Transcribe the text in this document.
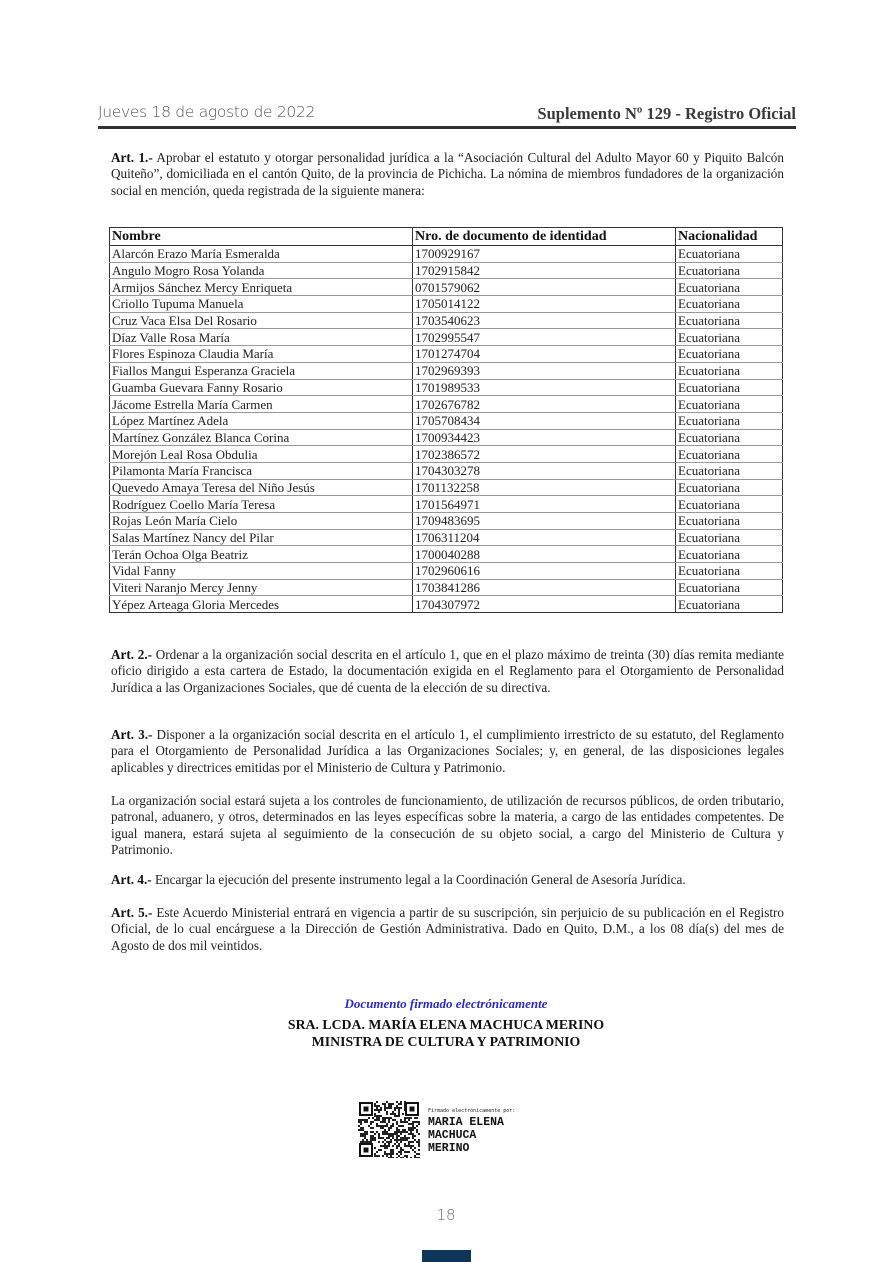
Jueves 18 de agosto de 2022	Suplemento Nº 129 - Registro Oficial
Art. 1.- Aprobar el estatuto y otorgar personalidad jurídica a la “Asociación Cultural del Adulto Mayor 60 y Piquito Balcón Quiteño”, domiciliada en el cantón Quito, de la provincia de Pichicha. La nómina de miembros fundadores de la organización social en mención, queda registrada de la siguiente manera:
Nombre	Nro. de documento de identidad	Nacionalidad
Alarcón Erazo María Esmeralda	1700929167	Ecuatoriana
Angulo Mogro Rosa Yolanda	1702915842	Ecuatoriana
Armijos Sánchez Mercy Enriqueta	0701579062	Ecuatoriana
Criollo Tupuma Manuela	1705014122	Ecuatoriana
Cruz Vaca Elsa Del Rosario	1703540623	Ecuatoriana
Díaz Valle Rosa María	1702995547	Ecuatoriana
Flores Espinoza Claudia María	1701274704	Ecuatoriana
Fiallos Mangui Esperanza Graciela	1702969393	Ecuatoriana
Guamba Guevara Fanny Rosario	1701989533	Ecuatoriana
Jácome Estrella María Carmen	1702676782	Ecuatoriana
López Martínez Adela	1705708434	Ecuatoriana
Martínez González Blanca Corina	1700934423	Ecuatoriana
Morejón Leal Rosa Obdulia	1702386572	Ecuatoriana
Pilamonta María Francisca	1704303278	Ecuatoriana
Quevedo Amaya Teresa del Niño Jesús	1701132258	Ecuatoriana
Rodríguez Coello María Teresa	1701564971	Ecuatoriana
Rojas León María Cielo	1709483695	Ecuatoriana
Salas Martínez Nancy del Pilar	1706311204	Ecuatoriana
Terán Ochoa Olga Beatriz	1700040288	Ecuatoriana
Vidal Fanny	1702960616	Ecuatoriana
Viteri Naranjo Mercy Jenny	1703841286	Ecuatoriana
Yépez Arteaga Gloria Mercedes	1704307972	Ecuatoriana
Art. 2.- Ordenar a la organización social descrita en el artículo 1, que en el plazo máximo de treinta (30) días remita mediante oficio dirigido a esta cartera de Estado, la documentación exigida en el Reglamento para el Otorgamiento de Personalidad Jurídica a las Organizaciones Sociales, que dé cuenta de la elección de su directiva.
Art. 3.- Disponer a la organización social descrita en el artículo 1, el cumplimiento irrestricto de su estatuto, del Reglamento para el Otorgamiento de Personalidad Jurídica a las Organizaciones Sociales; y, en general, de las disposiciones legales aplicables y directrices emitidas por el Ministerio de Cultura y Patrimonio.
La organización social estará sujeta a los controles de funcionamiento, de utilización de recursos públicos, de orden tributario, patronal, aduanero, y otros, determinados en las leyes específicas sobre la materia, a cargo de las entidades competentes. De igual manera, estará sujeta al seguimiento de la consecución de su objeto social, a cargo del Ministerio de Cultura y Patrimonio.
Art. 4.- Encargar la ejecución del presente instrumento legal a la Coordinación General de Asesoría Jurídica.
Art. 5.- Este Acuerdo Ministerial entrará en vigencia a partir de su suscripción, sin perjuicio de su publicación en el Registro Oficial, de lo cual encárguese a la Dirección de Gestión Administrativa. Dado en Quito, D.M., a los 08 día(s) del mes de Agosto de dos mil veintidos.
Documento firmado electrónicamente
SRA. LCDA. MARÍA ELENA MACHUCA MERINO
MINISTRA DE CULTURA Y PATRIMONIO
Firmado electrónicamente por:
MARIA ELENA
MACHUCA
MERINO
18
